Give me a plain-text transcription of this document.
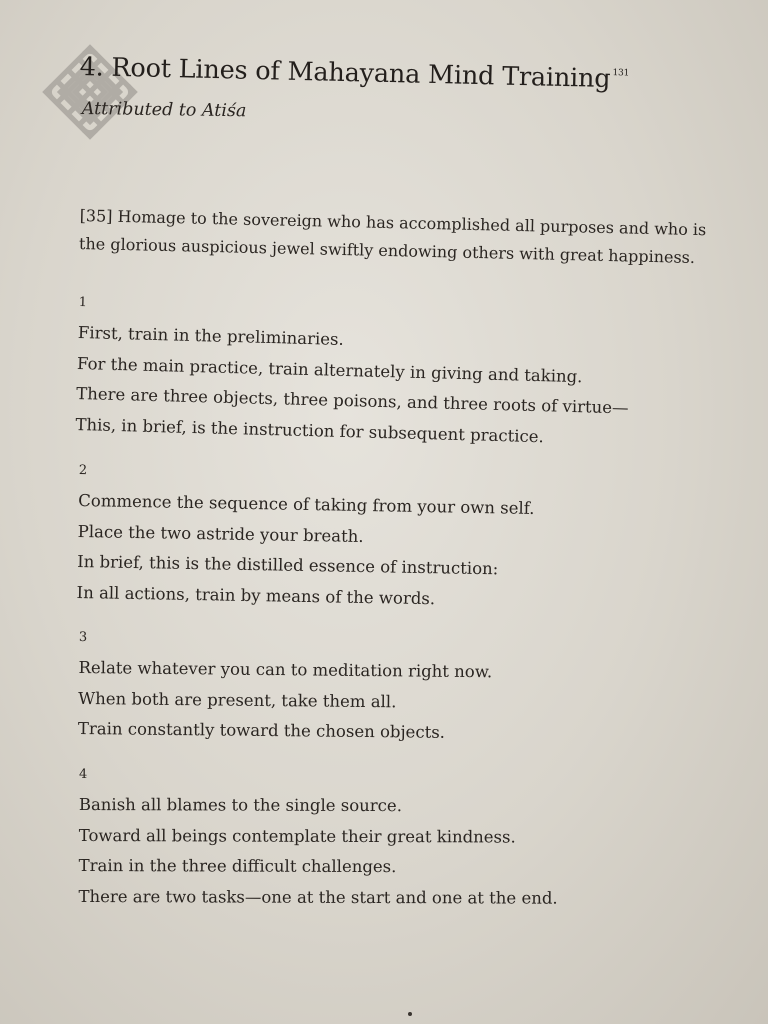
4. Root Lines of Mahayana Mind Training $^{131}$
Attributed to Atiśa
[35] Homage to the sovereign who has accomplished all purposes and who is
the glorious auspicious jewel swiftly endowing others with great happiness.
1
First, train in the preliminaries.
For the main practice, train alternately in giving and taking.
There are three objects, three poisons, and three roots of virtue—
This, in brief, is the instruction for subsequent practice.
2
Commence the sequence of taking from your own self.
Place the two astride your breath.
In brief, this is the distilled essence of instruction:
In all actions, train by means of the words.
3
Relate whatever you can to meditation right now.
When both are present, take them all.
Train constantly toward the chosen objects.
4
Banish all blames to the single source.
Toward all beings contemplate their great kindness.
Train in the three difficult challenges.
There are two tasks—one at the start and one at the end.
